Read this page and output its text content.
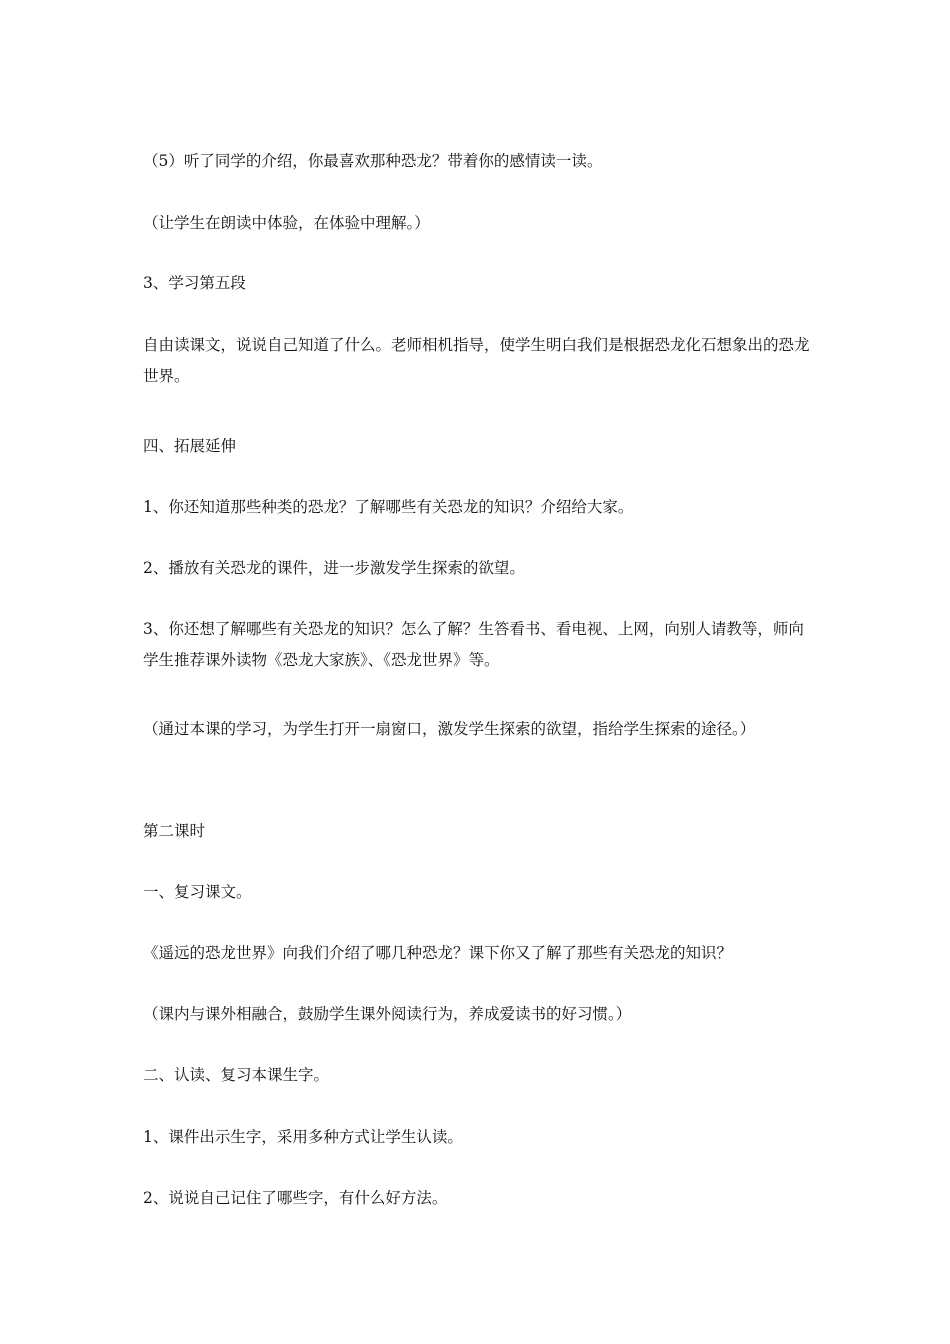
（5）听了同学的介绍，你最喜欢那种恐龙？带着你的感情读一读。

（让学生在朗读中体验，在体验中理解。）

3、学习第五段

自由读课文，说说自己知道了什么。老师相机指导，使学生明白我们是根据恐龙化石想象出的恐龙世界。

四、拓展延伸

1、你还知道那些种类的恐龙？了解哪些有关恐龙的知识？介绍给大家。

2、播放有关恐龙的课件，进一步激发学生探索的欲望。

3、你还想了解哪些有关恐龙的知识？怎么了解？生答看书、看电视、上网，向别人请教等，师向学生推荐课外读物《恐龙大家族》、《恐龙世界》等。

（通过本课的学习，为学生打开一扇窗口，激发学生探索的欲望，指给学生探索的途径。）

第二课时

一、复习课文。

《遥远的恐龙世界》向我们介绍了哪几种恐龙？课下你又了解了那些有关恐龙的知识？

（课内与课外相融合，鼓励学生课外阅读行为，养成爱读书的好习惯。）

二、认读、复习本课生字。

1、课件出示生字，采用多种方式让学生认读。

2、说说自己记住了哪些字，有什么好方法。
